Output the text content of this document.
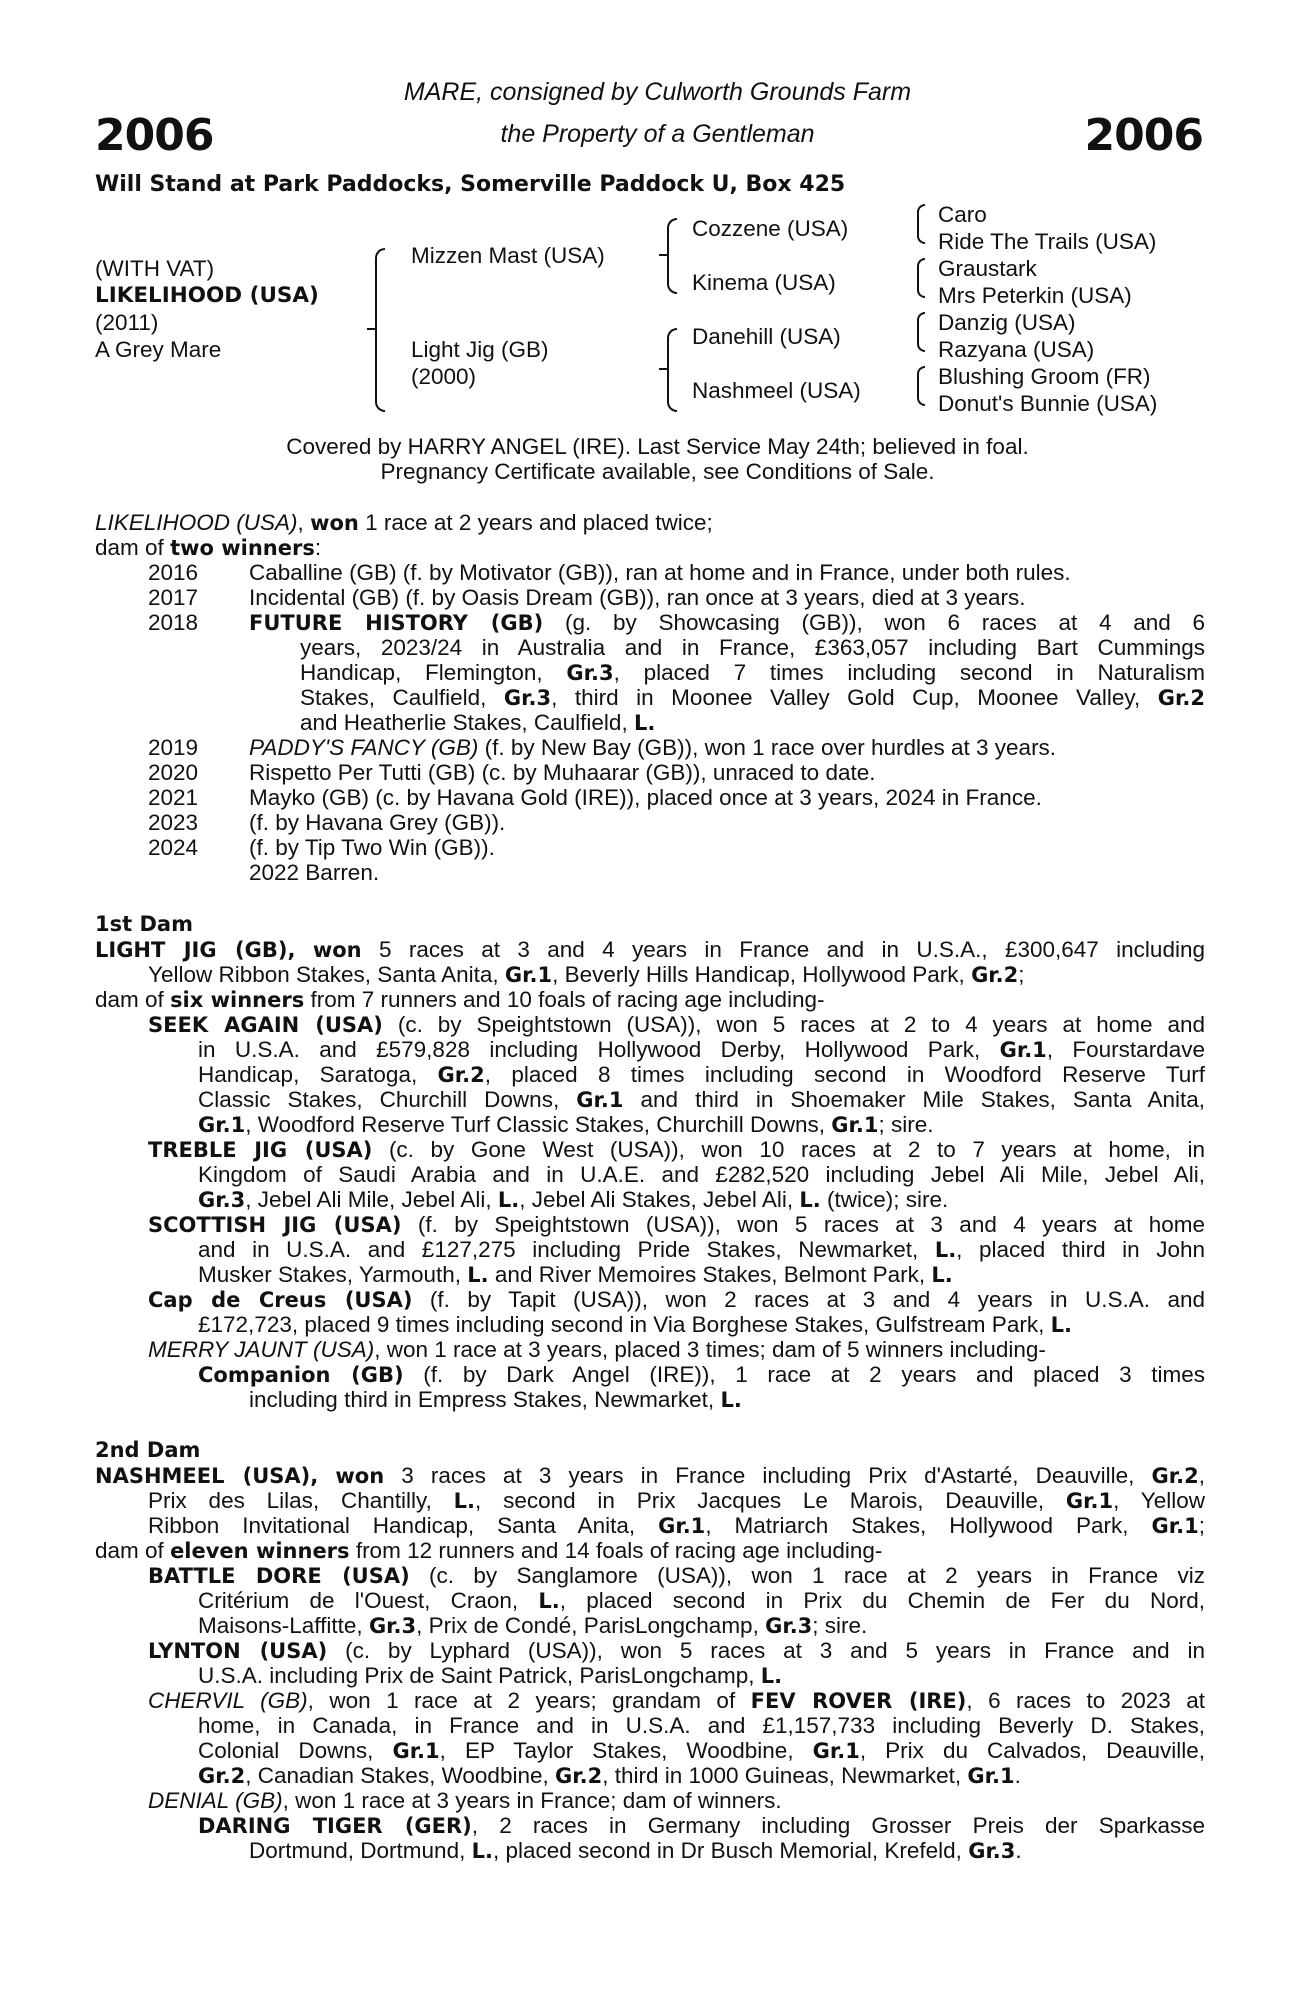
2006	2006
MARE, consigned by Culworth Grounds Farm
the Property of a Gentleman
Will Stand at Park Paddocks, Somerville Paddock U, Box 425
(WITH VAT)
LIKELIHOOD (USA)
(2011)
A Grey Mare
Mizzen Mast (USA)
Light Jig (GB)
(2000)
Cozzene (USA)
Kinema (USA)
Danehill (USA)
Nashmeel (USA)
Caro
Ride The Trails (USA)
Graustark
Mrs Peterkin (USA)
Danzig (USA)
Razyana (USA)
Blushing Groom (FR)
Donut's Bunnie (USA)
Covered by HARRY ANGEL (IRE). Last Service May 24th; believed in foal.
Pregnancy Certificate available, see Conditions of Sale.
LIKELIHOOD (USA), won 1 race at 2 years and placed twice;
dam of two winners:
2016 Caballine (GB) (f. by Motivator (GB)), ran at home and in France, under both rules.
2017 Incidental (GB) (f. by Oasis Dream (GB)), ran once at 3 years, died at 3 years.
2018 FUTURE HISTORY (GB) (g. by Showcasing (GB)), won 6 races at 4 and 6
years, 2023/24 in Australia and in France, £363,057 including Bart Cummings
Handicap, Flemington, Gr.3, placed 7 times including second in Naturalism
Stakes, Caulfield, Gr.3, third in Moonee Valley Gold Cup, Moonee Valley, Gr.2
and Heatherlie Stakes, Caulfield, L.
2019 PADDY'S FANCY (GB) (f. by New Bay (GB)), won 1 race over hurdles at 3 years.
2020 Rispetto Per Tutti (GB) (c. by Muhaarar (GB)), unraced to date.
2021 Mayko (GB) (c. by Havana Gold (IRE)), placed once at 3 years, 2024 in France.
2023 (f. by Havana Grey (GB)).
2024 (f. by Tip Two Win (GB)).
2022 Barren.
1st Dam
LIGHT JIG (GB), won 5 races at 3 and 4 years in France and in U.S.A., £300,647 including
Yellow Ribbon Stakes, Santa Anita, Gr.1, Beverly Hills Handicap, Hollywood Park, Gr.2;
dam of six winners from 7 runners and 10 foals of racing age including-
SEEK AGAIN (USA) (c. by Speightstown (USA)), won 5 races at 2 to 4 years at home and
in U.S.A. and £579,828 including Hollywood Derby, Hollywood Park, Gr.1, Fourstardave
Handicap, Saratoga, Gr.2, placed 8 times including second in Woodford Reserve Turf
Classic Stakes, Churchill Downs, Gr.1 and third in Shoemaker Mile Stakes, Santa Anita,
Gr.1, Woodford Reserve Turf Classic Stakes, Churchill Downs, Gr.1; sire.
TREBLE JIG (USA) (c. by Gone West (USA)), won 10 races at 2 to 7 years at home, in
Kingdom of Saudi Arabia and in U.A.E. and £282,520 including Jebel Ali Mile, Jebel Ali,
Gr.3, Jebel Ali Mile, Jebel Ali, L., Jebel Ali Stakes, Jebel Ali, L. (twice); sire.
SCOTTISH JIG (USA) (f. by Speightstown (USA)), won 5 races at 3 and 4 years at home
and in U.S.A. and £127,275 including Pride Stakes, Newmarket, L., placed third in John
Musker Stakes, Yarmouth, L. and River Memoires Stakes, Belmont Park, L.
Cap de Creus (USA) (f. by Tapit (USA)), won 2 races at 3 and 4 years in U.S.A. and
£172,723, placed 9 times including second in Via Borghese Stakes, Gulfstream Park, L.
MERRY JAUNT (USA), won 1 race at 3 years, placed 3 times; dam of 5 winners including-
Companion (GB) (f. by Dark Angel (IRE)), 1 race at 2 years and placed 3 times
including third in Empress Stakes, Newmarket, L.
2nd Dam
NASHMEEL (USA), won 3 races at 3 years in France including Prix d'Astarté, Deauville, Gr.2,
Prix des Lilas, Chantilly, L., second in Prix Jacques Le Marois, Deauville, Gr.1, Yellow
Ribbon Invitational Handicap, Santa Anita, Gr.1, Matriarch Stakes, Hollywood Park, Gr.1;
dam of eleven winners from 12 runners and 14 foals of racing age including-
BATTLE DORE (USA) (c. by Sanglamore (USA)), won 1 race at 2 years in France viz
Critérium de l'Ouest, Craon, L., placed second in Prix du Chemin de Fer du Nord,
Maisons-Laffitte, Gr.3, Prix de Condé, ParisLongchamp, Gr.3; sire.
LYNTON (USA) (c. by Lyphard (USA)), won 5 races at 3 and 5 years in France and in
U.S.A. including Prix de Saint Patrick, ParisLongchamp, L.
CHERVIL (GB), won 1 race at 2 years; grandam of FEV ROVER (IRE), 6 races to 2023 at
home, in Canada, in France and in U.S.A. and £1,157,733 including Beverly D. Stakes,
Colonial Downs, Gr.1, EP Taylor Stakes, Woodbine, Gr.1, Prix du Calvados, Deauville,
Gr.2, Canadian Stakes, Woodbine, Gr.2, third in 1000 Guineas, Newmarket, Gr.1.
DENIAL (GB), won 1 race at 3 years in France; dam of winners.
DARING TIGER (GER), 2 races in Germany including Grosser Preis der Sparkasse
Dortmund, Dortmund, L., placed second in Dr Busch Memorial, Krefeld, Gr.3.
